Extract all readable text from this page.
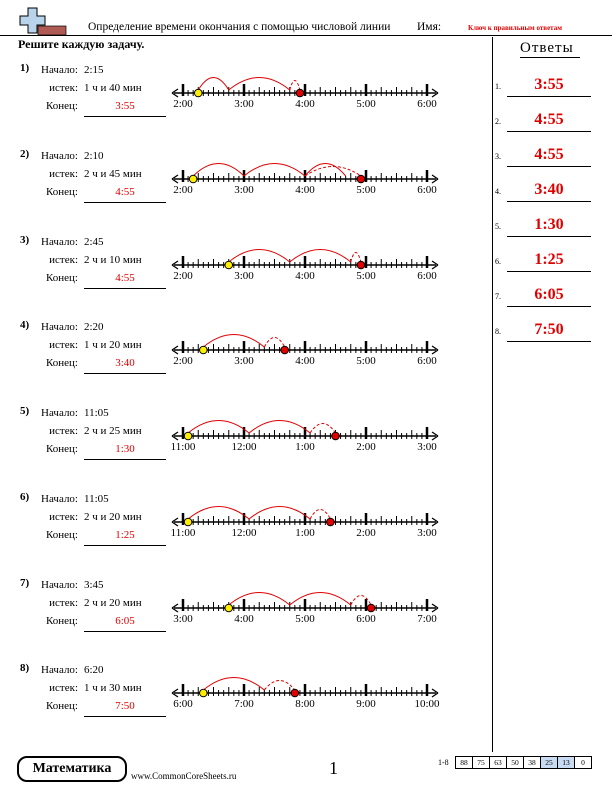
Определение времени окончания с помощью числовой линии Имя:	Ключ к правильным ответам
Решите каждую задачу.	Ответы
1)	Начало: 2:15
истек: 1 ч и 40 мин
Конец:	3:55	2:00	3:00	4:00	5:00	6:00
2)	Начало: 2:10
истек: 2 ч и 45 мин
Конец:	4:55	2:00	3:00	4:00	5:00	6:00
3)	Начало: 2:45
истек: 2 ч и 10 мин
Конец:	4:55	2:00	3:00	4:00	5:00	6:00
4)	Начало: 2:20
истек: 1 ч и 20 мин
Конец:	3:40	2:00	3:00	4:00	5:00	6:00
5)	Начало: 11:05
истек: 2 ч и 25 мин
Конец:	1:30	11:00	12:00	1:00	2:00	3:00
6)	Начало: 11:05
истек: 2 ч и 20 мин
Конец:	1:25	11:00	12:00	1:00	2:00	3:00
7)	Начало: 3:45
истек: 2 ч и 20 мин
Конец:	6:05	3:00	4:00	5:00	6:00	7:00
8)	Начало: 6:20
истек: 1 ч и 30 мин
Конец:	7:50	6:00	7:00	8:00	9:00	10:00
1.	3:55
2.	4:55
3.	4:55
4.	3:40
5.	1:30
6.	1:25
7.	6:05
8.	7:50
Математика	www.CommonCoreSheets.ru	1	1-8	88	75	63	50	38	25	13	0
